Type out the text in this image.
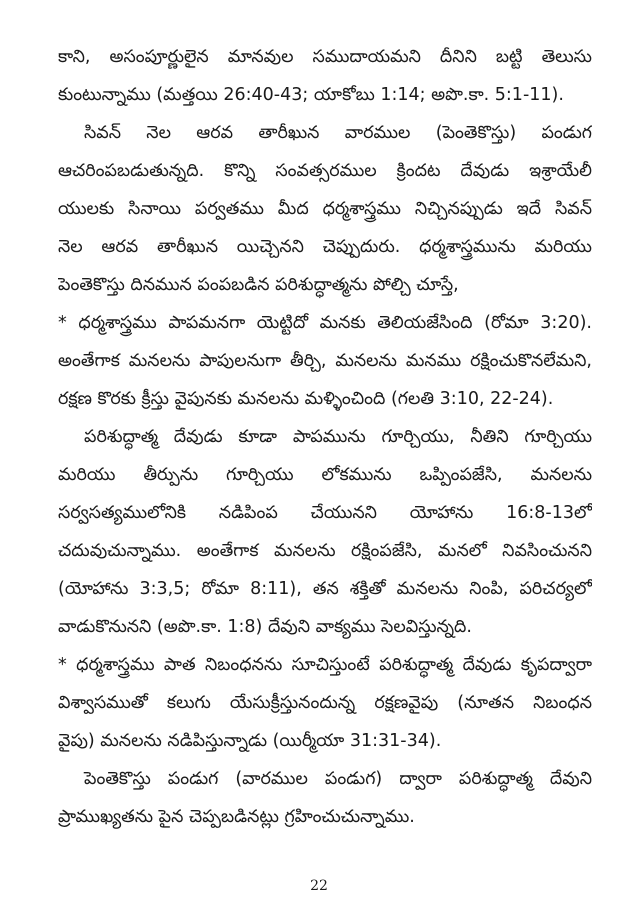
కాని, అసంపూర్ణులైన మానవుల సముదాయమని దీనిని బట్టి తెలుసు
కుంటున్నాము (మత్తయి 26:40-43; యాకోబు 1:14; అపొ.కా. 5:1-11).
సివన్ నెల ఆరవ తారీఖున వారముల (పెంతెకొస్తు) పండుగ
ఆచరింపబడుతున్నది. కొన్ని సంవత్సరముల క్రిందట దేవుడు ఇశ్రాయేలీ
యులకు సినాయి పర్వతము మీద ధర్మశాస్త్రము నిచ్చినప్పుడు ఇదే సివన్
నెల ఆరవ తారీఖున యిచ్చెనని చెప్పుదురు. ధర్మశాస్త్రమును మరియు
పెంతెకొస్తు దినమున పంపబడిన పరిశుద్ధాత్మను పోల్చి చూస్తే,
* ధర్మశాస్త్రము పాపమనగా యెట్టిదో మనకు తెలియజేసింది (రోమా 3:20).
అంతేగాక మనలను పాపులనుగా తీర్చి, మనలను మనము రక్షించుకొనలేమని,
రక్షణ కొరకు క్రీస్తు వైపునకు మనలను మళ్ళించింది (గలతి 3:10, 22-24).
పరిశుద్ధాత్మ దేవుడు కూడా పాపమును గూర్చియు, నీతిని గూర్చియు
మరియు తీర్పును గూర్చియు లోకమును ఒప్పింపజేసి, మనలను
సర్వసత్యములోనికి నడిపింప చేయునని యోహాను 16:8-13లో
చదువుచున్నాము. అంతేగాక మనలను రక్షింపజేసి, మనలో నివసించునని
(యోహాను 3:3,5; రోమా 8:11), తన శక్తితో మనలను నింపి, పరిచర్యలో
వాడుకొనునని (అపొ.కా. 1:8) దేవుని వాక్యము సెలవిస్తున్నది.
* ధర్మశాస్త్రము పాత నిబంధనను సూచిస్తుంటే పరిశుద్ధాత్మ దేవుడు కృపద్వారా
విశ్వాసముతో కలుగు యేసుక్రీస్తునందున్న రక్షణవైపు (నూతన నిబంధన
వైపు) మనలను నడిపిస్తున్నాడు (యిర్మీయా 31:31-34).
పెంతెకొస్తు పండుగ (వారముల పండుగ) ద్వారా పరిశుద్ధాత్మ దేవుని
ప్రాముఖ్యతను పైన చెప్పబడినట్లు గ్రహించుచున్నాము.
22
